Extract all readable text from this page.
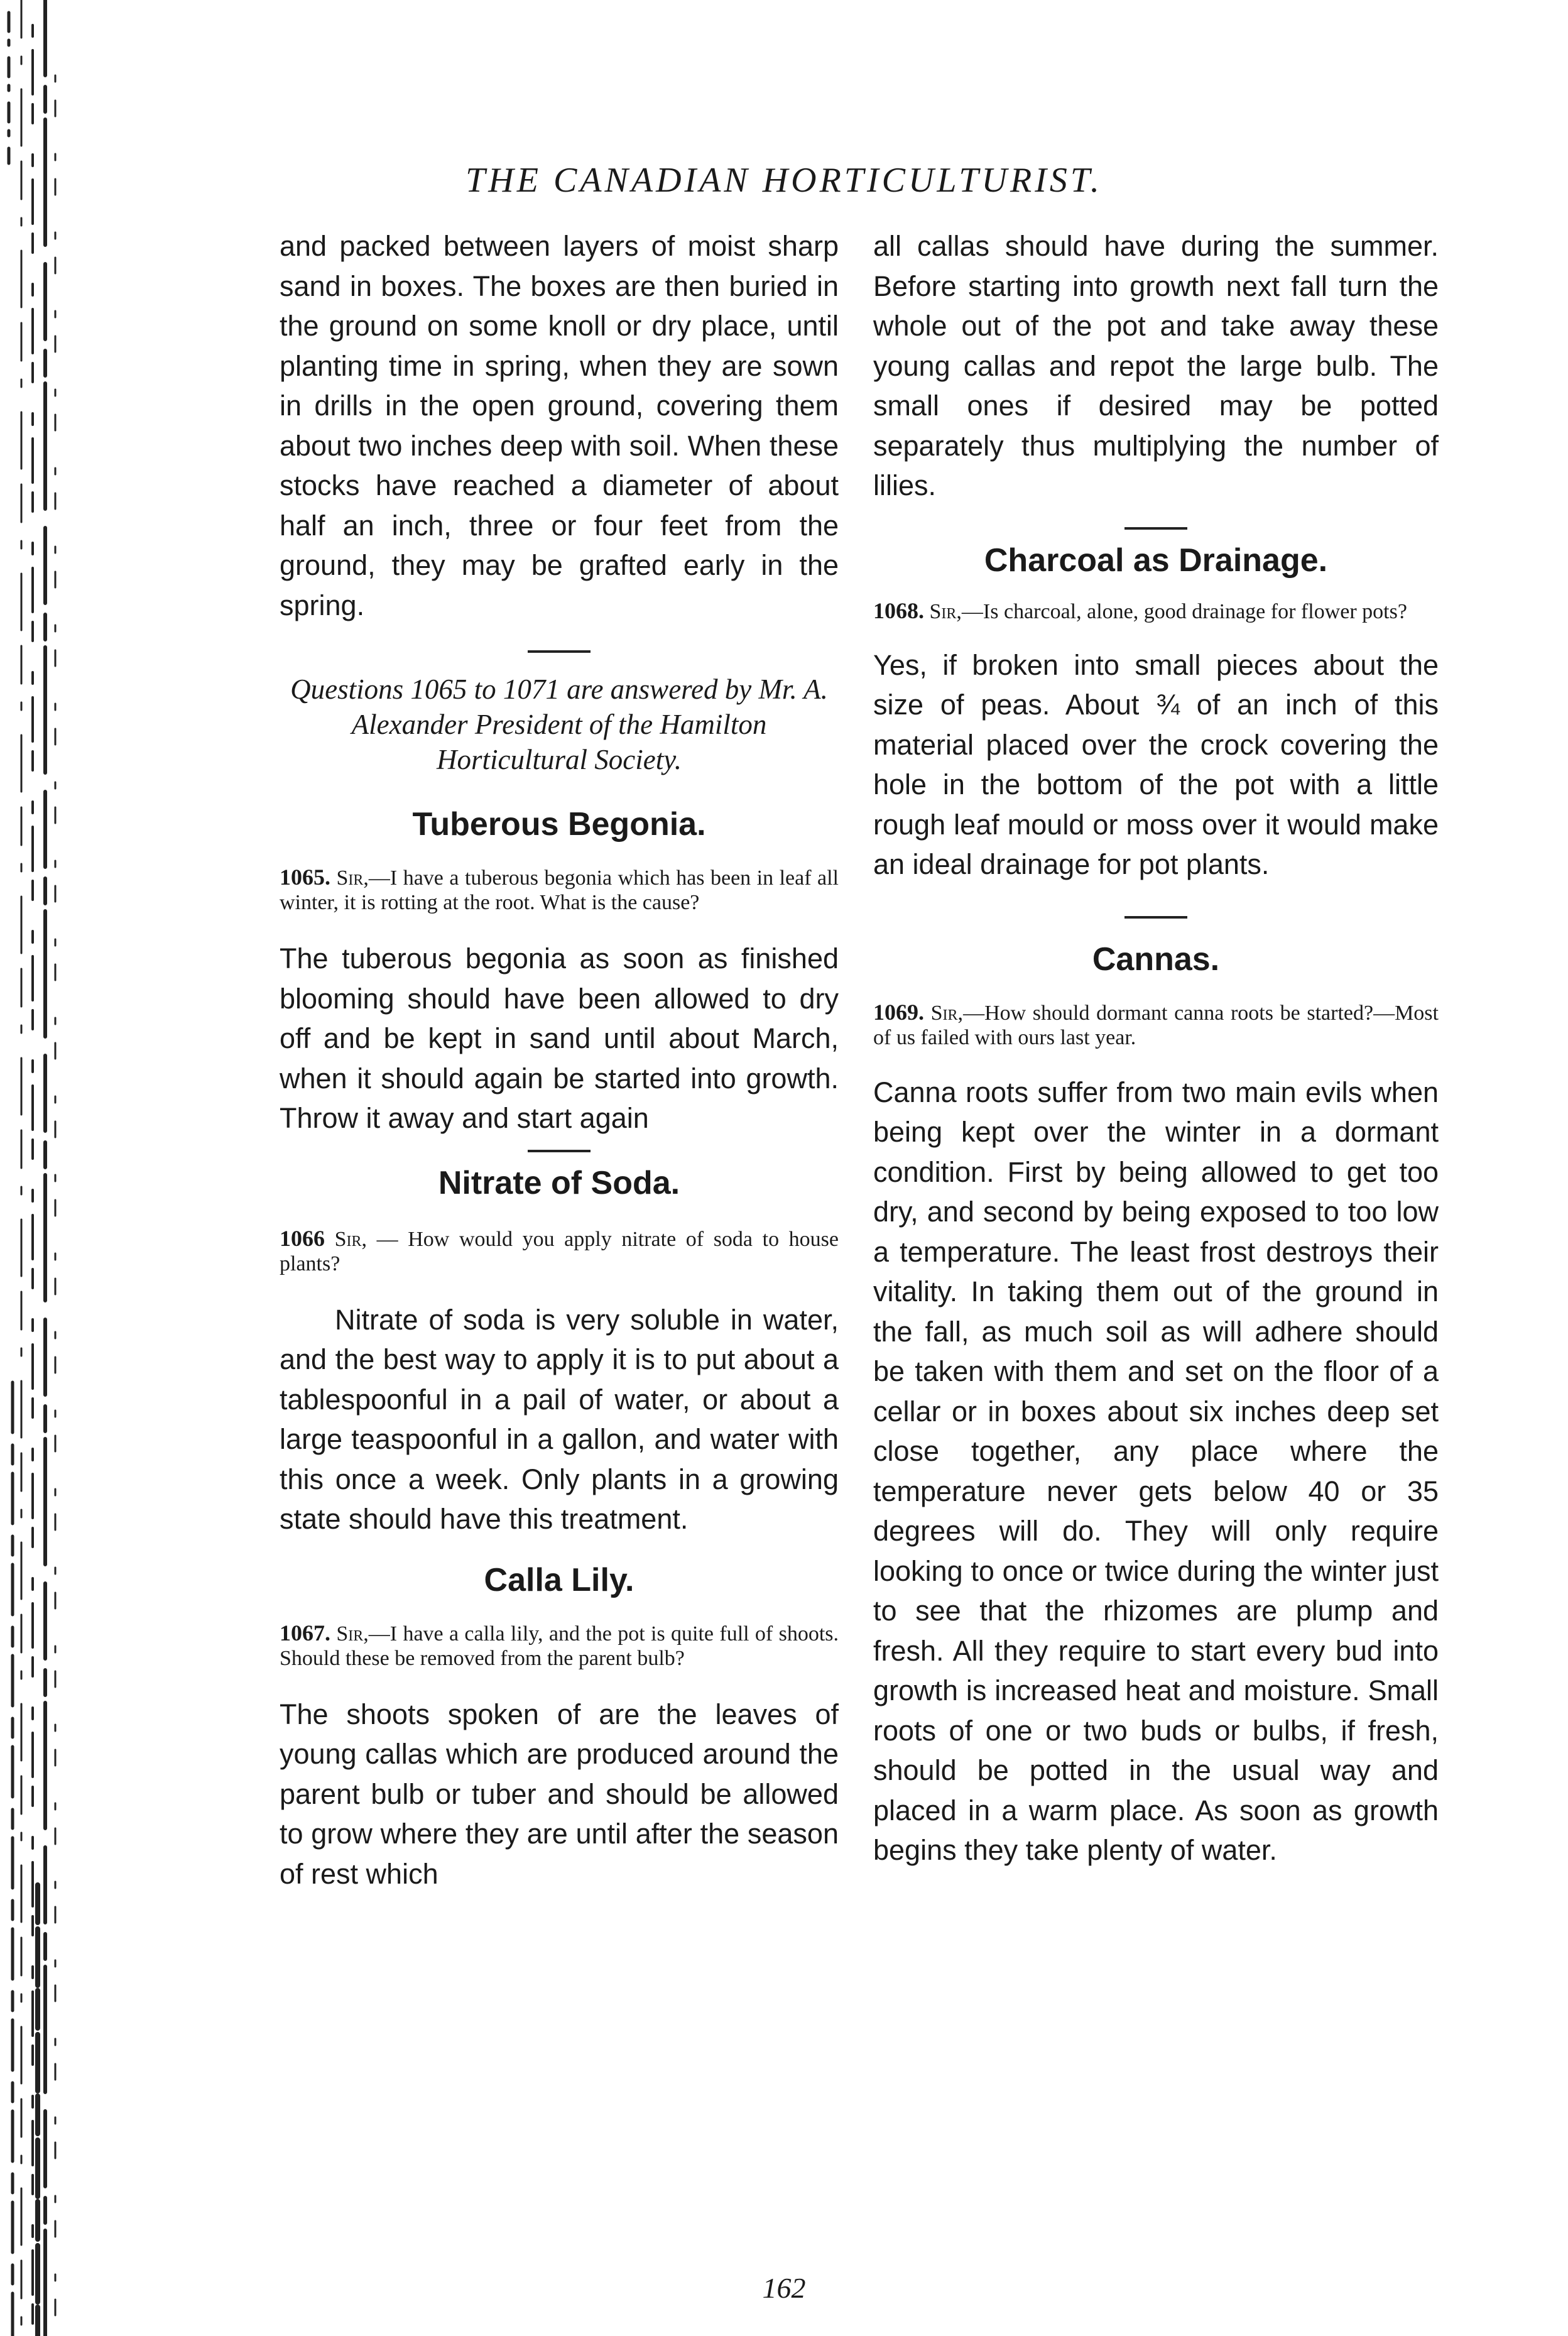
THE CANADIAN HORTICULTURIST.

and packed between layers of moist sharp sand in boxes. The boxes are then buried in the ground on some knoll or dry place, until planting time in spring, when they are sown in drills in the open ground, covering them about two inches deep with soil. When these stocks have reached a diameter of about half an inch, three or four feet from the ground, they may be grafted early in the spring.

Questions 1065 to 1071 are answered by Mr. A. Alexander President of the Hamilton Horticultural Society.

Tuberous Begonia.

1065. Sir,—I have a tuberous begonia which has been in leaf all winter, it is rotting at the root. What is the cause?

The tuberous begonia as soon as finished blooming should have been allowed to dry off and be kept in sand until about March, when it should again be started into growth. Throw it away and start again

Nitrate of Soda.

1066 Sir, — How would you apply nitrate of soda to house plants?

Nitrate of soda is very soluble in water, and the best way to apply it is to put about a tablespoonful in a pail of water, or about a large teaspoonful in a gallon, and water with this once a week. Only plants in a growing state should have this treatment.

Calla Lily.

1067. Sir,—I have a calla lily, and the pot is quite full of shoots. Should these be removed from the parent bulb?

The shoots spoken of are the leaves of young callas which are produced around the parent bulb or tuber and should be allowed to grow where they are until after the season of rest which

all callas should have during the summer. Before starting into growth next fall turn the whole out of the pot and take away these young callas and repot the large bulb. The small ones if desired may be potted separately thus multiplying the number of lilies.

Charcoal as Drainage.

1068. Sir,—Is charcoal, alone, good drainage for flower pots?

Yes, if broken into small pieces about the size of peas. About ¾ of an inch of this material placed over the crock covering the hole in the bottom of the pot with a little rough leaf mould or moss over it would make an ideal drainage for pot plants.

Cannas.

1069. Sir,—How should dormant canna roots be started?—Most of us failed with ours last year.

Canna roots suffer from two main evils when being kept over the winter in a dormant condition. First by being allowed to get too dry, and second by being exposed to too low a temperature. The least frost destroys their vitality. In taking them out of the ground in the fall, as much soil as will adhere should be taken with them and set on the floor of a cellar or in boxes about six inches deep set close together, any place where the temperature never gets below 40 or 35 degrees will do. They will only require looking to once or twice during the winter just to see that the rhizomes are plump and fresh. All they require to start every bud into growth is increased heat and moisture. Small roots of one or two buds or bulbs, if fresh, should be potted in the usual way and placed in a warm place. As soon as growth begins they take plenty of water.

162
